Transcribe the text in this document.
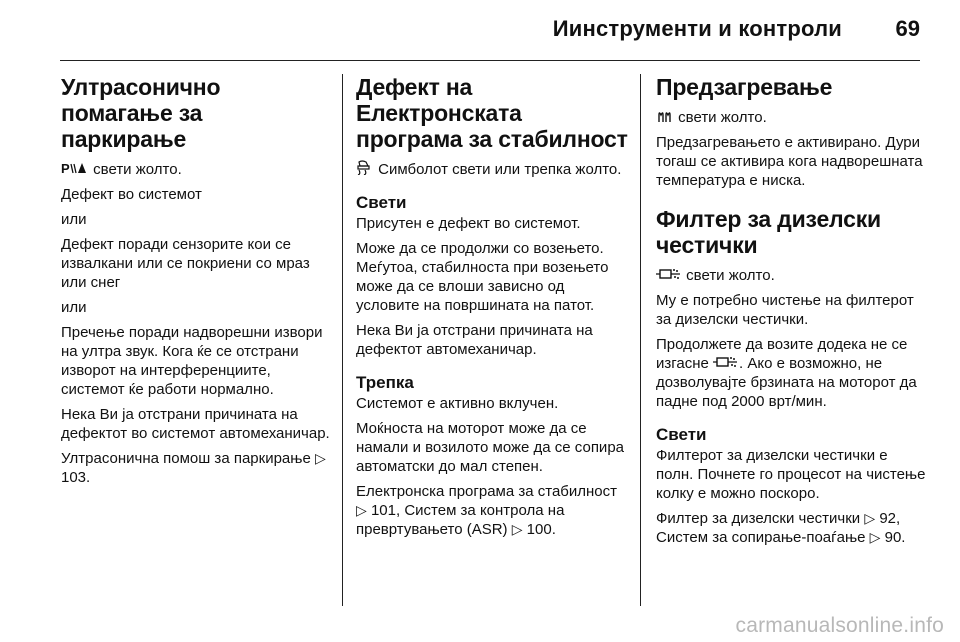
Иинструменти и контроли 69
Ултрасонично помагање за паркирање

P свети жолто.

Дефект во системот

или

Дефект поради сензорите кои се извалкани или се покриени со мраз или снег

или

Пречење поради надворешни извори на ултра звук. Кога ќе се отстрани изворот на интерференциите, системот ќе работи нормално.

Нека Ви ја отстрани причината на дефектот во системот автомеханичар.

Ултрасонична помош за паркирање ▷ 103.

Дефект на Електронската програма за стабилност

Симболот свети или трепка жолто.

Свети

Присутен е дефект во системот.

Може да се продолжи со возењето. Меѓутоа, стабилноста при возењето може да се влоши зависно од условите на површината на патот.

Нека Ви ја отстрани причината на дефектот автомеханичар.

Трепка

Системот е активно вклучен.

Моќноста на моторот може да се намали и возилото може да се сопира автоматски до мал степен.

Електронска програма за стабилност ▷ 101, Систем за контрола на превртувањето (ASR) ▷ 100.

Предзагревање

свети жолто.

Предзагревањето е активирано. Дури тогаш се активира кога надворешната температура е ниска.

Филтер за дизелски честички

свети жолто.

Му е потребно чистење на филтерот за дизелски честички.

Продолжете да возите додека не се изгасне . Ако е возможно, не дозволувајте брзината на моторот да падне под 2000 врт/мин.

Свети

Филтерот за дизелски честички е полн. Почнете го процесот на чистење колку е можно поскоро.

Филтер за дизелски честички ▷ 92, Систем за сопирање-поаѓање ▷ 90.

carmanualsonline.info
